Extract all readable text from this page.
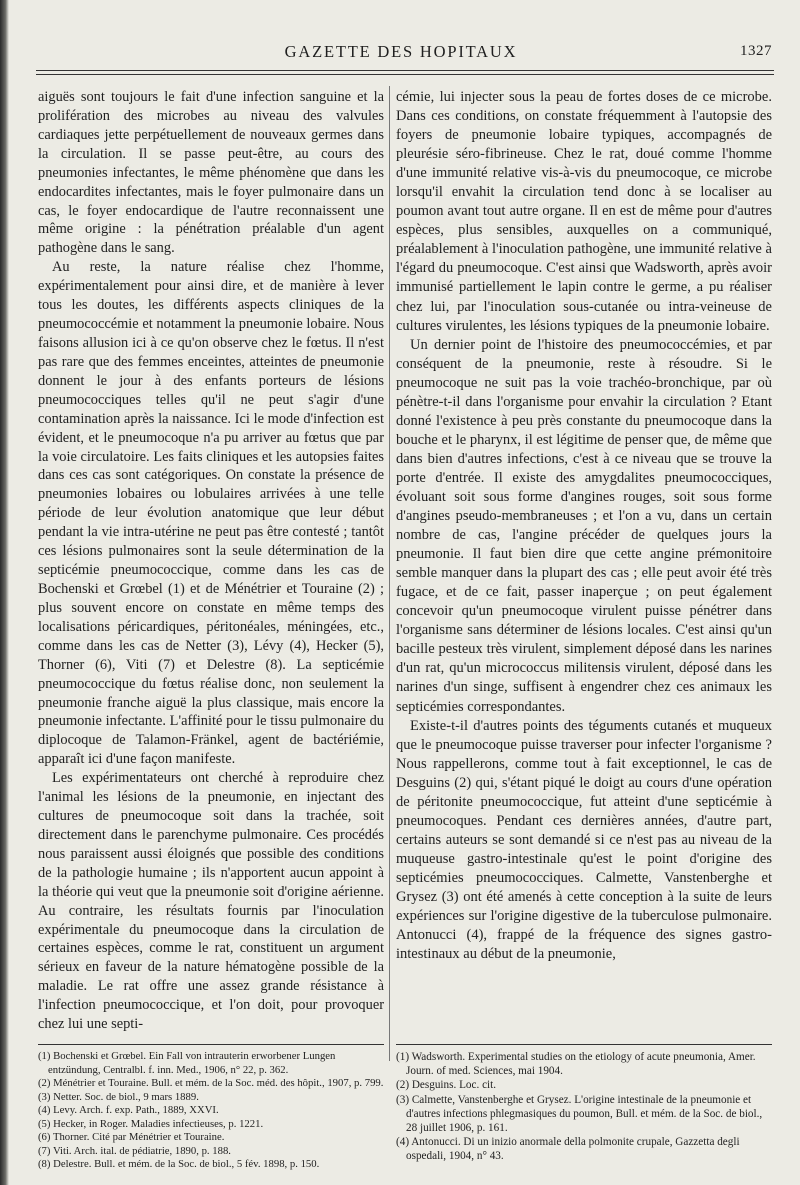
GAZETTE DES HOPITAUX	1327

aiguës sont toujours le fait d'une infection sanguine et la prolifération des microbes au niveau des valvules cardiaques jette perpétuellement de nouveaux germes dans la circulation. Il se passe peut-être, au cours des pneumonies infectantes, le même phénomène que dans les endocardites infectantes, mais le foyer pulmonaire dans un cas, le foyer endocardique de l'autre reconnaissent une même origine : la pénétration préalable d'un agent pathogène dans le sang.

Au reste, la nature réalise chez l'homme, expérimentalement pour ainsi dire, et de manière à lever tous les doutes, les différents aspects cliniques de la pneumococcémie et notamment la pneumonie lobaire. Nous faisons allusion ici à ce qu'on observe chez le fœtus. Il n'est pas rare que des femmes enceintes, atteintes de pneumonie donnent le jour à des enfants porteurs de lésions pneumococciques telles qu'il ne peut s'agir d'une contamination après la naissance. Ici le mode d'infection est évident, et le pneumocoque n'a pu arriver au fœtus que par la voie circulatoire. Les faits cliniques et les autopsies faites dans ces cas sont catégoriques. On constate la présence de pneumonies lobaires ou lobulaires arrivées à une telle période de leur évolution anatomique que leur début pendant la vie intra-utérine ne peut pas être contesté ; tantôt ces lésions pulmonaires sont la seule détermination de la septicémie pneumococcique, comme dans les cas de Bochenski et Grœbel (1) et de Ménétrier et Touraine (2) ; plus souvent encore on constate en même temps des localisations péricardiques, péritonéales, méningées, etc., comme dans les cas de Netter (3), Lévy (4), Hecker (5), Thorner (6), Viti (7) et Delestre (8). La septicémie pneumococcique du fœtus réalise donc, non seulement la pneumonie franche aiguë la plus classique, mais encore la pneumonie infectante. L'affinité pour le tissu pulmonaire du diplocoque de Talamon-Fränkel, agent de bactériémie, apparaît ici d'une façon manifeste.

Les expérimentateurs ont cherché à reproduire chez l'animal les lésions de la pneumonie, en injectant des cultures de pneumocoque soit dans la trachée, soit directement dans le parenchyme pulmonaire. Ces procédés nous paraissent aussi éloignés que possible des conditions de la pathologie humaine ; ils n'apportent aucun appoint à la théorie qui veut que la pneumonie soit d'origine aérienne. Au contraire, les résultats fournis par l'inoculation expérimentale du pneumocoque dans la circulation de certaines espèces, comme le rat, constituent un argument sérieux en faveur de la nature hématogène possible de la maladie. Le rat offre une assez grande résistance à l'infection pneumococcique, et l'on doit, pour provoquer chez lui une septi-

cémie, lui injecter sous la peau de fortes doses de ce microbe. Dans ces conditions, on constate fréquemment à l'autopsie des foyers de pneumonie lobaire typiques, accompagnés de pleurésie séro-fibrineuse. Chez le rat, doué comme l'homme d'une immunité relative vis-à-vis du pneumocoque, ce microbe lorsqu'il envahit la circulation tend donc à se localiser au poumon avant tout autre organe. Il en est de même pour d'autres espèces, plus sensibles, auxquelles on a communiqué, préalablement à l'inoculation pathogène, une immunité relative à l'égard du pneumocoque. C'est ainsi que Wadsworth, après avoir immunisé partiellement le lapin contre le germe, a pu réaliser chez lui, par l'inoculation sous-cutanée ou intra-veineuse de cultures virulentes, les lésions typiques de la pneumonie lobaire.

Un dernier point de l'histoire des pneumococcémies, et par conséquent de la pneumonie, reste à résoudre. Si le pneumocoque ne suit pas la voie trachéo-bronchique, par où pénètre-t-il dans l'organisme pour envahir la circulation ? Etant donné l'existence à peu près constante du pneumocoque dans la bouche et le pharynx, il est légitime de penser que, de même que dans bien d'autres infections, c'est à ce niveau que se trouve la porte d'entrée. Il existe des amygdalites pneumococciques, évoluant soit sous forme d'angines rouges, soit sous forme d'angines pseudo-membraneuses ; et l'on a vu, dans un certain nombre de cas, l'angine précéder de quelques jours la pneumonie. Il faut bien dire que cette angine prémonitoire semble manquer dans la plupart des cas ; elle peut avoir été très fugace, et de ce fait, passer inaperçue ; on peut également concevoir qu'un pneumocoque virulent puisse pénétrer dans l'organisme sans déterminer de lésions locales. C'est ainsi qu'un bacille pesteux très virulent, simplement déposé dans les narines d'un rat, qu'un micrococcus militensis virulent, déposé dans les narines d'un singe, suffisent à engendrer chez ces animaux les septicémies correspondantes.

Existe-t-il d'autres points des téguments cutanés et muqueux que le pneumocoque puisse traverser pour infecter l'organisme ? Nous rappellerons, comme tout à fait exceptionnel, le cas de Desguins (2) qui, s'étant piqué le doigt au cours d'une opération de péritonite pneumococcique, fut atteint d'une septicémie à pneumocoques. Pendant ces dernières années, d'autre part, certains auteurs se sont demandé si ce n'est pas au niveau de la muqueuse gastro-intestinale qu'est le point d'origine des septicémies pneumococciques. Calmette, Vanstenberghe et Grysez (3) ont été amenés à cette conception à la suite de leurs expériences sur l'origine digestive de la tuberculose pulmonaire. Antonucci (4), frappé de la fréquence des signes gastro-intestinaux au début de la pneumonie,

(1) Bochenski et Grœbel. Ein Fall von intrauterin erworbener Lungen entzündung, Centralbl. f. inn. Med., 1906, n° 22, p. 362.
(2) Ménétrier et Touraine. Bull. et mém. de la Soc. méd. des hôpit., 1907, p. 799.
(3) Netter. Soc. de biol., 9 mars 1889.
(4) Levy. Arch. f. exp. Path., 1889, XXVI.
(5) Hecker, in Roger. Maladies infectieuses, p. 1221.
(6) Thorner. Cité par Ménétrier et Touraine.
(7) Viti. Arch. ital. de pédiatrie, 1890, p. 188.
(8) Delestre. Bull. et mém. de la Soc. de biol., 5 fév. 1898, p. 150.
(1) Wadsworth. Experimental studies on the etiology of acute pneumonia, Amer. Journ. of med. Sciences, mai 1904.
(2) Desguins. Loc. cit.
(3) Calmette, Vanstenberghe et Grysez. L'origine intestinale de la pneumonie et d'autres infections phlegmasiques du poumon, Bull. et mém. de la Soc. de biol., 28 juillet 1906, p. 161.
(4) Antonucci. Di un inizio anormale della polmonite crupale, Gazzetta degli ospedali, 1904, n° 43.
